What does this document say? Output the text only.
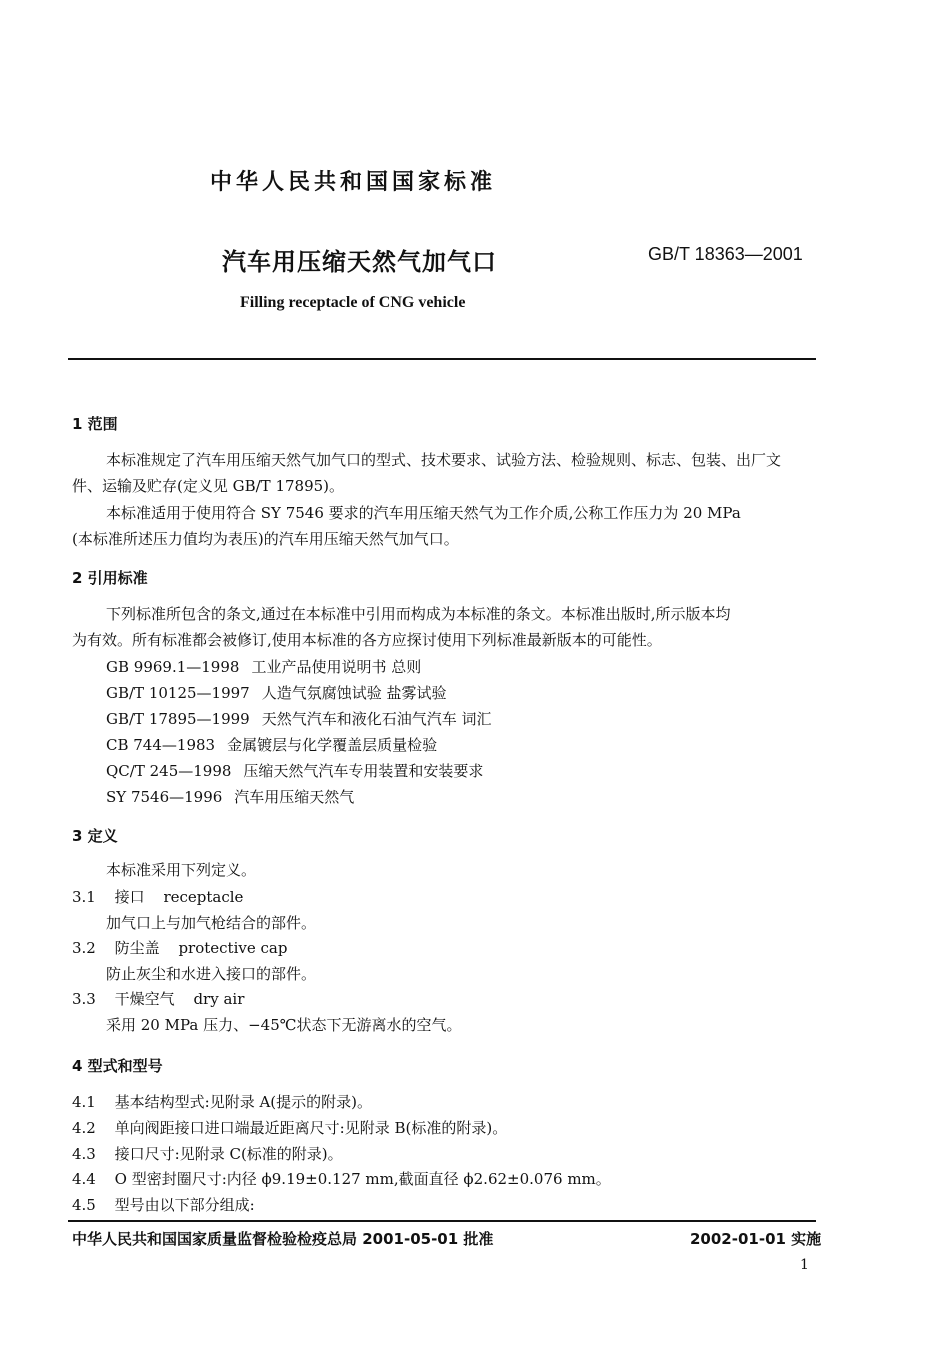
中华人民共和国国家标准
汽车用压缩天然气加气口	GB/T 18363—2001
Filling receptacle of CNG vehicle
1 范围
本标准规定了汽车用压缩天然气加气口的型式、技术要求、试验方法、检验规则、标志、包装、出厂文
件、运输及贮存(定义见 GB/T 17895)。
本标准适用于使用符合 SY 7546 要求的汽车用压缩天然气为工作介质,公称工作压力为 20 MPa
(本标准所述压力值均为表压)的汽车用压缩天然气加气口。
2 引用标准
下列标准所包含的条文,通过在本标准中引用而构成为本标准的条文。本标准出版时,所示版本均
为有效。所有标准都会被修订,使用本标准的各方应探讨使用下列标准最新版本的可能性。
GB 9969.1—1998 工业产品使用说明书 总则
GB/T 10125—1997 人造气氛腐蚀试验 盐雾试验
GB/T 17895—1999 天然气汽车和液化石油气汽车 词汇
CB 744—1983 金属镀层与化学覆盖层质量检验
QC/T 245—1998 压缩天然气汽车专用装置和安装要求
SY 7546—1996 汽车用压缩天然气
3 定义
本标准采用下列定义。
3.1 接口 receptacle
加气口上与加气枪结合的部件。
3.2 防尘盖 protective cap
防止灰尘和水进入接口的部件。
3.3 干燥空气 dry air
采用 20 MPa 压力、−45℃状态下无游离水的空气。
4 型式和型号
4.1 基本结构型式:见附录 A(提示的附录)。
4.2 单向阀距接口进口端最近距离尺寸:见附录 B(标准的附录)。
4.3 接口尺寸:见附录 C(标准的附录)。
4.4 O 型密封圈尺寸:内径 ϕ9.19±0.127 mm,截面直径 ϕ2.62±0.076 mm。
4.5 型号由以下部分组成:
中华人民共和国国家质量监督检验检疫总局 2001-05-01 批准	2002-01-01 实施
1
